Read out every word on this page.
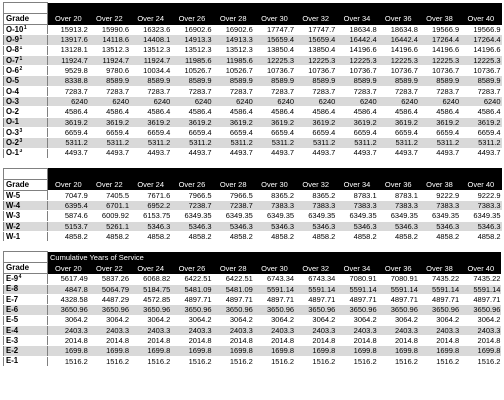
Grade	Over 20	Over 22	Over 24	Over 26	Over 28	Over 30	Over 32	Over 34	Over 36	Over 38	Over 40
$O-10^1$	15913.2	15990.6	16323.6	16902.6	16902.6	17747.7	17747.7	18634.8	18634.8	19566.9	19566.9
$O-9^1$	13917.6	14118.6	14408.1	14913.3	14913.3	15659.4	15659.4	16442.4	16442.4	17264.4	17264.4
$O-8^1$	13128.1	13512.3	13512.3	13512.3	13512.3	13850.4	13850.4	14196.6	14196.6	14196.6	14196.6
$O-7^1$	11924.7	11924.7	11924.7	11985.6	11985.6	12225.3	12225.3	12225.3	12225.3	12225.3	12225.3
$O-6^2$	9529.8	9780.6	10034.4	10526.7	10526.7	10736.7	10736.7	10736.7	10736.7	10736.7	10736.7
O-5	8338.8	8589.9	8589.9	8589.9	8589.9	8589.9	8589.9	8589.9	8589.9	8589.9	8589.9
O-4	7283.7	7283.7	7283.7	7283.7	7283.7	7283.7	7283.7	7283.7	7283.7	7283.7	7283.7
O-3	6240	6240	6240	6240	6240	6240	6240	6240	6240	6240	6240
O-2	4586.4	4586.4	4586.4	4586.4	4586.4	4586.4	4586.4	4586.4	4586.4	4586.4	4586.4
O-1	3619.2	3619.2	3619.2	3619.2	3619.2	3619.2	3619.2	3619.2	3619.2	3619.2	3619.2
$O-3^3$	6659.4	6659.4	6659.4	6659.4	6659.4	6659.4	6659.4	6659.4	6659.4	6659.4	6659.4
$O-2^3$	5311.2	5311.2	5311.2	5311.2	5311.2	5311.2	5311.2	5311.2	5311.2	5311.2	5311.2
$O-1^3$	4493.7	4493.7	4493.7	4493.7	4493.7	4493.7	4493.7	4493.7	4493.7	4493.7	4493.7

Grade	Over 20	Over 22	Over 24	Over 26	Over 28	Over 30	Over 32	Over 34	Over 36	Over 38	Over 40
W-5	7047.9	7405.5	7671.6	7966.5	7966.5	8365.2	8365.2	8783.1	8783.1	9222.9	9222.9
W-4	6395.4	6701.1	6952.2	7238.7	7238.7	7383.3	7383.3	7383.3	7383.3	7383.3	7383.3
W-3	5874.6	6009.92	6153.75	6349.35	6349.35	6349.35	6349.35	6349.35	6349.35	6349.35	6349.35
W-2	5153.7	5261.1	5346.3	5346.3	5346.3	5346.3	5346.3	5346.3	5346.3	5346.3	5346.3
W-1	4858.2	4858.2	4858.2	4858.2	4858.2	4858.2	4858.2	4858.2	4858.2	4858.2	4858.2
	Cumulative Years of Service										
Grade	Over 20	Over 22	Over 24	Over 26	Over 28	Over 30	Over 32	Over 34	Over 36	Over 38	Over 40
$E-9^4$	5617.49	5837.26	6068.82	6422.51	6422.51	6743.34	6743.34	7080.91	7080.91	7435.22	7435.22
E-8	4847.8	5064.79	5184.75	5481.09	5481.09	5591.14	5591.14	5591.14	5591.14	5591.14	5591.14
E-7	4328.58	4487.29	4572.85	4897.71	4897.71	4897.71	4897.71	4897.71	4897.71	4897.71	4897.71
E-6	3650.96	3650.96	3650.96	3650.96	3650.96	3650.96	3650.96	3650.96	3650.96	3650.96	3650.96
E-5	3064.2	3064.2	3064.2	3064.2	3064.2	3064.2	3064.2	3064.2	3064.2	3064.2	3064.2
E-4	2403.3	2403.3	2403.3	2403.3	2403.3	2403.3	2403.3	2403.3	2403.3	2403.3	2403.3
E-3	2014.8	2014.8	2014.8	2014.8	2014.8	2014.8	2014.8	2014.8	2014.8	2014.8	2014.8
E-2	1699.8	1699.8	1699.8	1699.8	1699.8	1699.8	1699.8	1699.8	1699.8	1699.8	1699.8
E-1	1516.2	1516.2	1516.2	1516.2	1516.2	1516.2	1516.2	1516.2	1516.2	1516.2	1516.2
